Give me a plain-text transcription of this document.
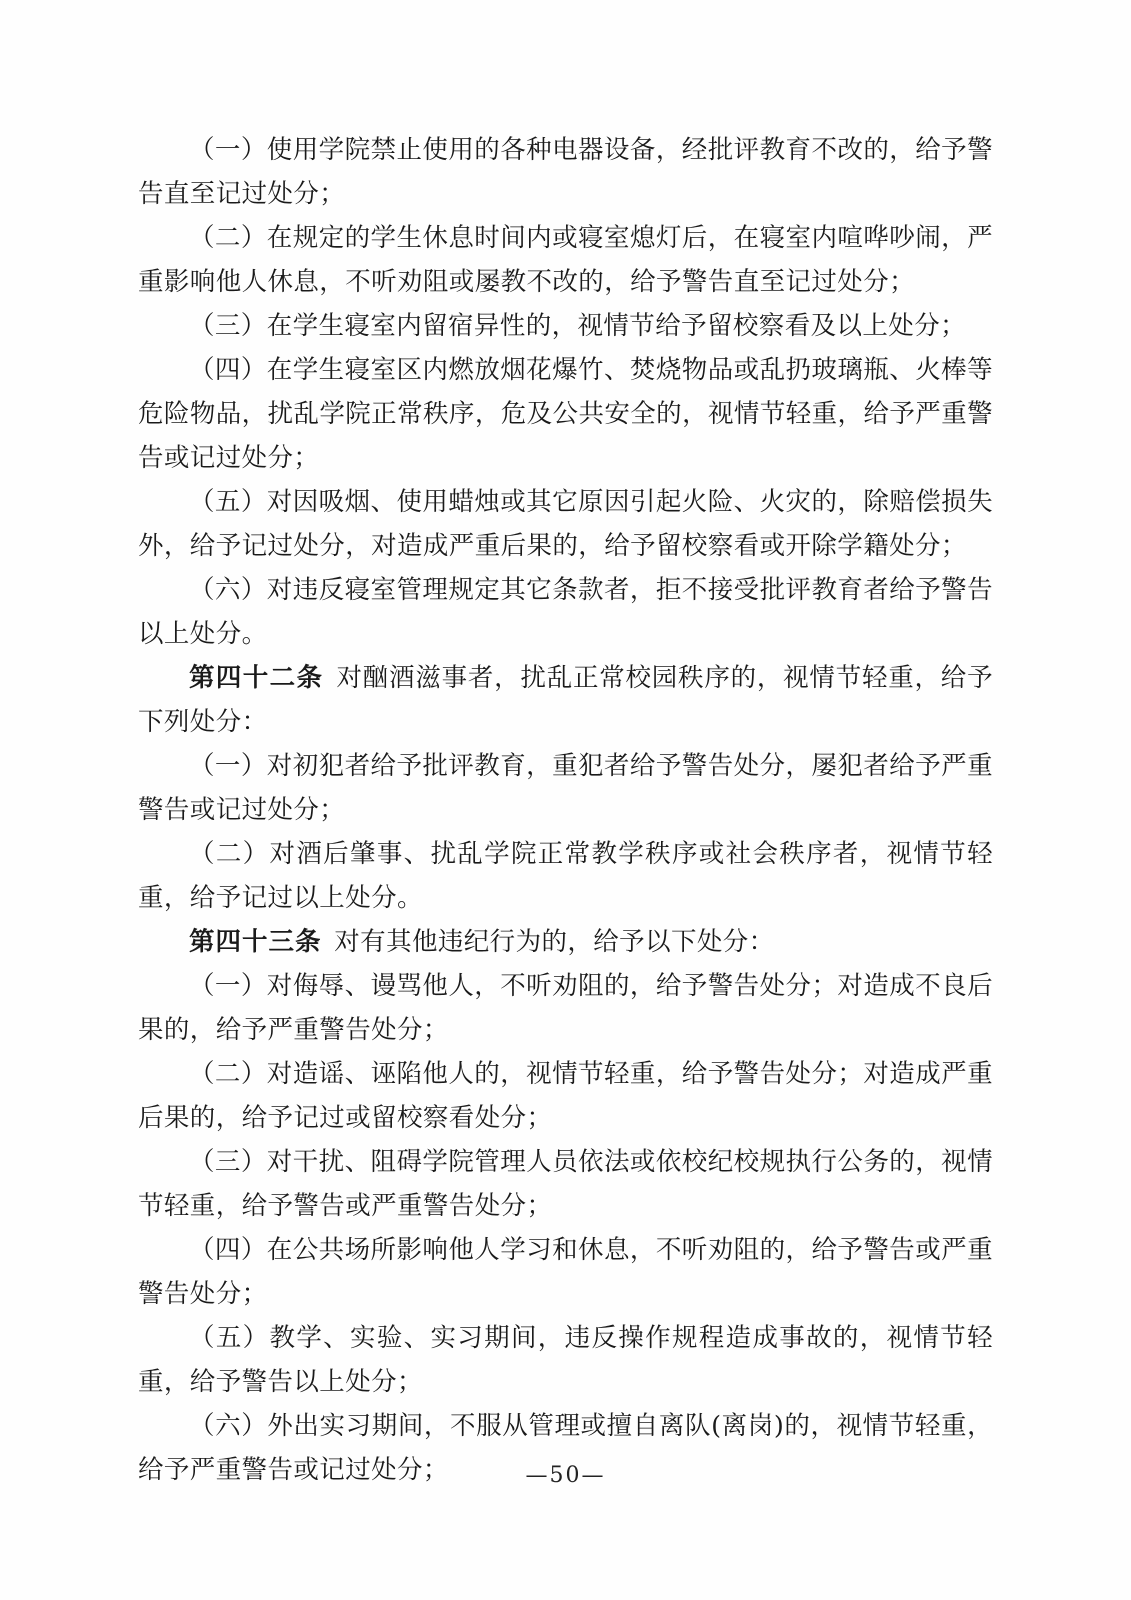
（一）使用学院禁止使用的各种电器设备，经批评教育不改的，给予警告直至记过处分；

（二）在规定的学生休息时间内或寝室熄灯后，在寝室内喧哗吵闹，严重影响他人休息，不听劝阻或屡教不改的，给予警告直至记过处分；

（三）在学生寝室内留宿异性的，视情节给予留校察看及以上处分；

（四）在学生寝室区内燃放烟花爆竹、焚烧物品或乱扔玻璃瓶、火棒等危险物品，扰乱学院正常秩序，危及公共安全的，视情节轻重，给予严重警告或记过处分；

（五）对因吸烟、使用蜡烛或其它原因引起火险、火灾的，除赔偿损失外，给予记过处分，对造成严重后果的，给予留校察看或开除学籍处分；

（六）对违反寝室管理规定其它条款者，拒不接受批评教育者给予警告以上处分。

第四十二条 对酗酒滋事者，扰乱正常校园秩序的，视情节轻重，给予下列处分：

（一）对初犯者给予批评教育，重犯者给予警告处分，屡犯者给予严重警告或记过处分；

（二）对酒后肇事、扰乱学院正常教学秩序或社会秩序者，视情节轻重，给予记过以上处分。

第四十三条 对有其他违纪行为的，给予以下处分：

（一）对侮辱、谩骂他人，不听劝阻的，给予警告处分；对造成不良后果的，给予严重警告处分；

（二）对造谣、诬陷他人的，视情节轻重，给予警告处分；对造成严重后果的，给予记过或留校察看处分；

（三）对干扰、阻碍学院管理人员依法或依校纪校规执行公务的，视情节轻重，给予警告或严重警告处分；

（四）在公共场所影响他人学习和休息，不听劝阻的，给予警告或严重警告处分；

（五）教学、实验、实习期间，违反操作规程造成事故的，视情节轻重，给予警告以上处分；

（六）外出实习期间，不服从管理或擅自离队(离岗)的，视情节轻重，给予严重警告或记过处分；	—50—
